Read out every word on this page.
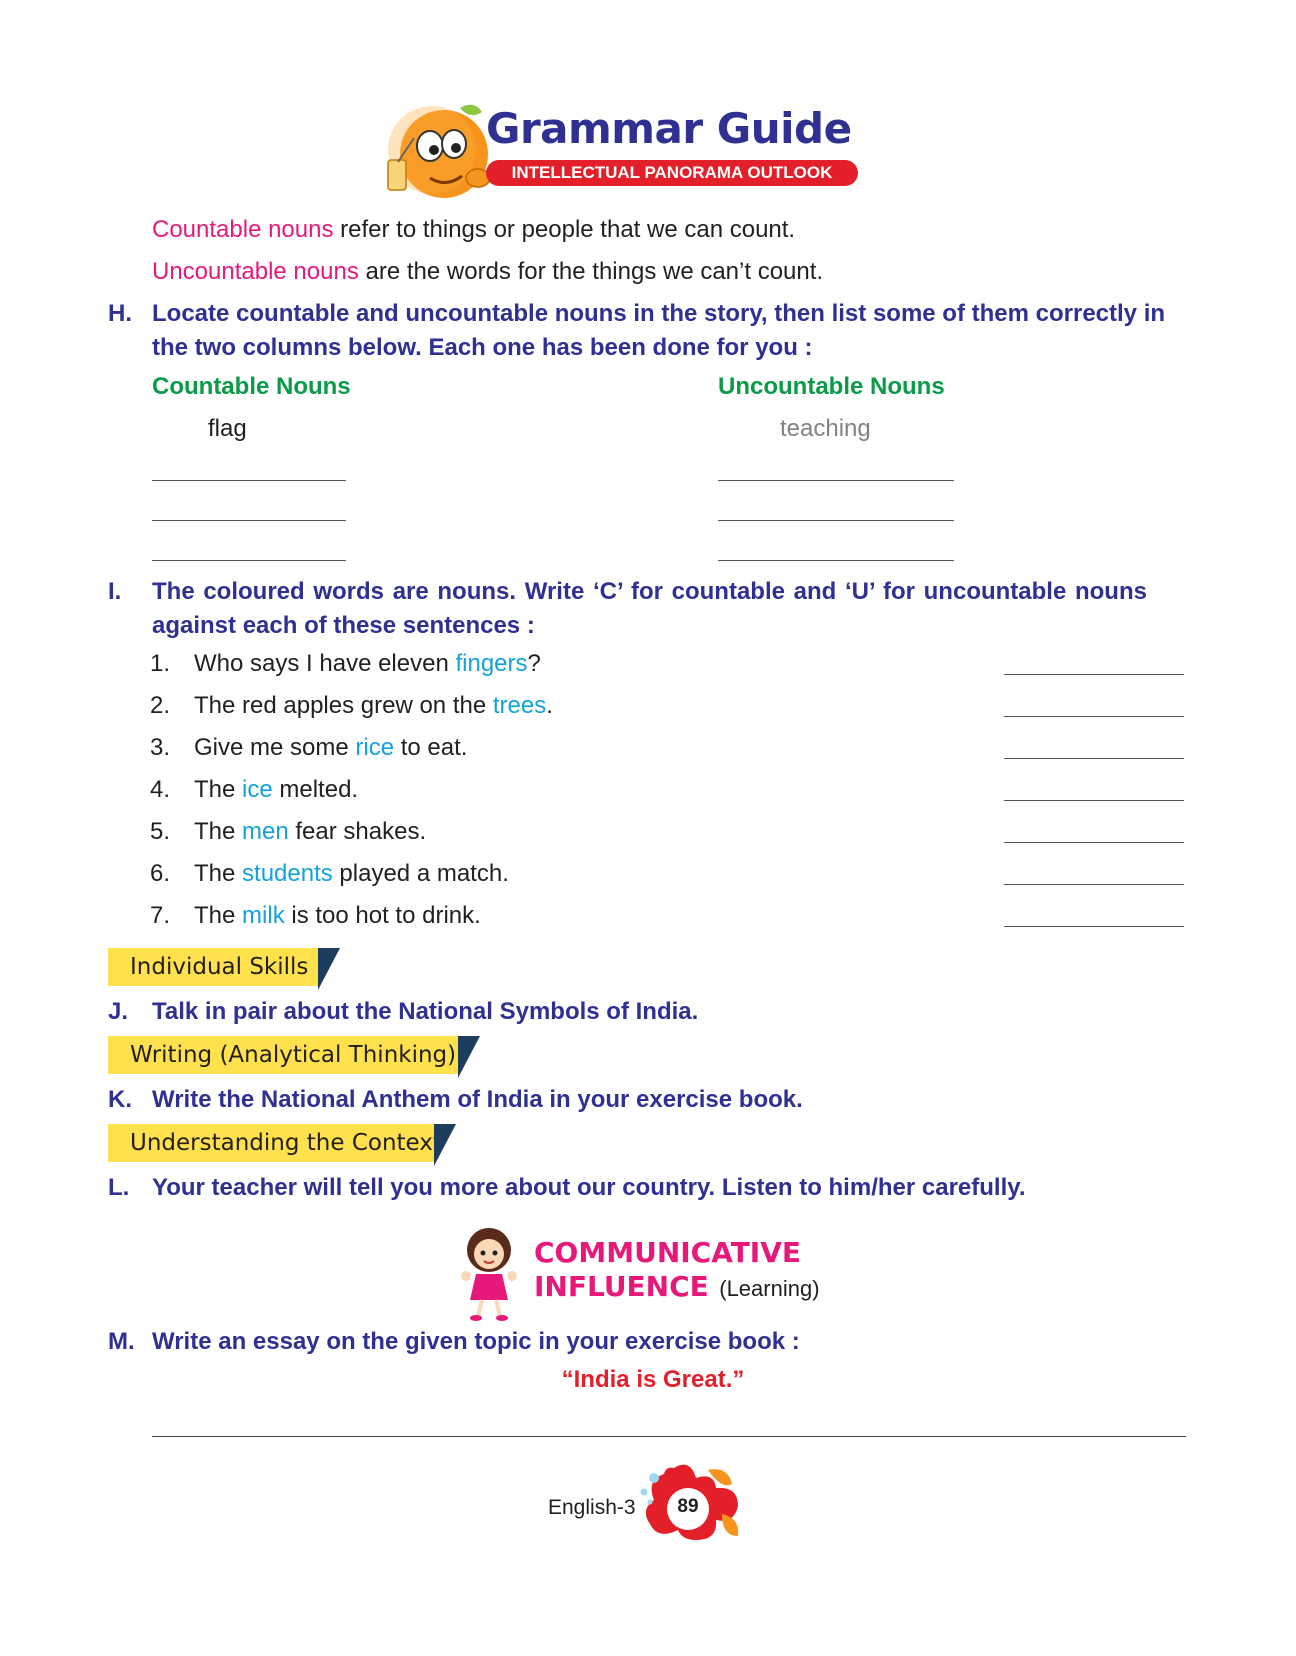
Grammar Guide
INTELLECTUAL PANORAMA OUTLOOK
Countable nouns refer to things or people that we can count.
Uncountable nouns are the words for the things we can’t count.
H. Locate countable and uncountable nouns in the story, then list some of them correctly in
the two columns below. Each one has been done for you :
Countable Nouns	Uncountable Nouns
flag	teaching
I. The coloured words are nouns. Write ‘C’ for countable and ‘U’ for uncountable nouns
against each of these sentences :
1. Who says I have eleven fingers?
2. The red apples grew on the trees.
3. Give me some rice to eat.
4. The ice melted.
5. The men fear shakes.
6. The students played a match.
7. The milk is too hot to drink.
Individual Skills
J. Talk in pair about the National Symbols of India.
Writing (Analytical Thinking)
K. Write the National Anthem of India in your exercise book.
Understanding the Context
L. Your teacher will tell you more about our country. Listen to him/her carefully.
COMMUNICATIVE
INFLUENCE (Learning)
M. Write an essay on the given topic in your exercise book :
“India is Great.”
English-3	89
